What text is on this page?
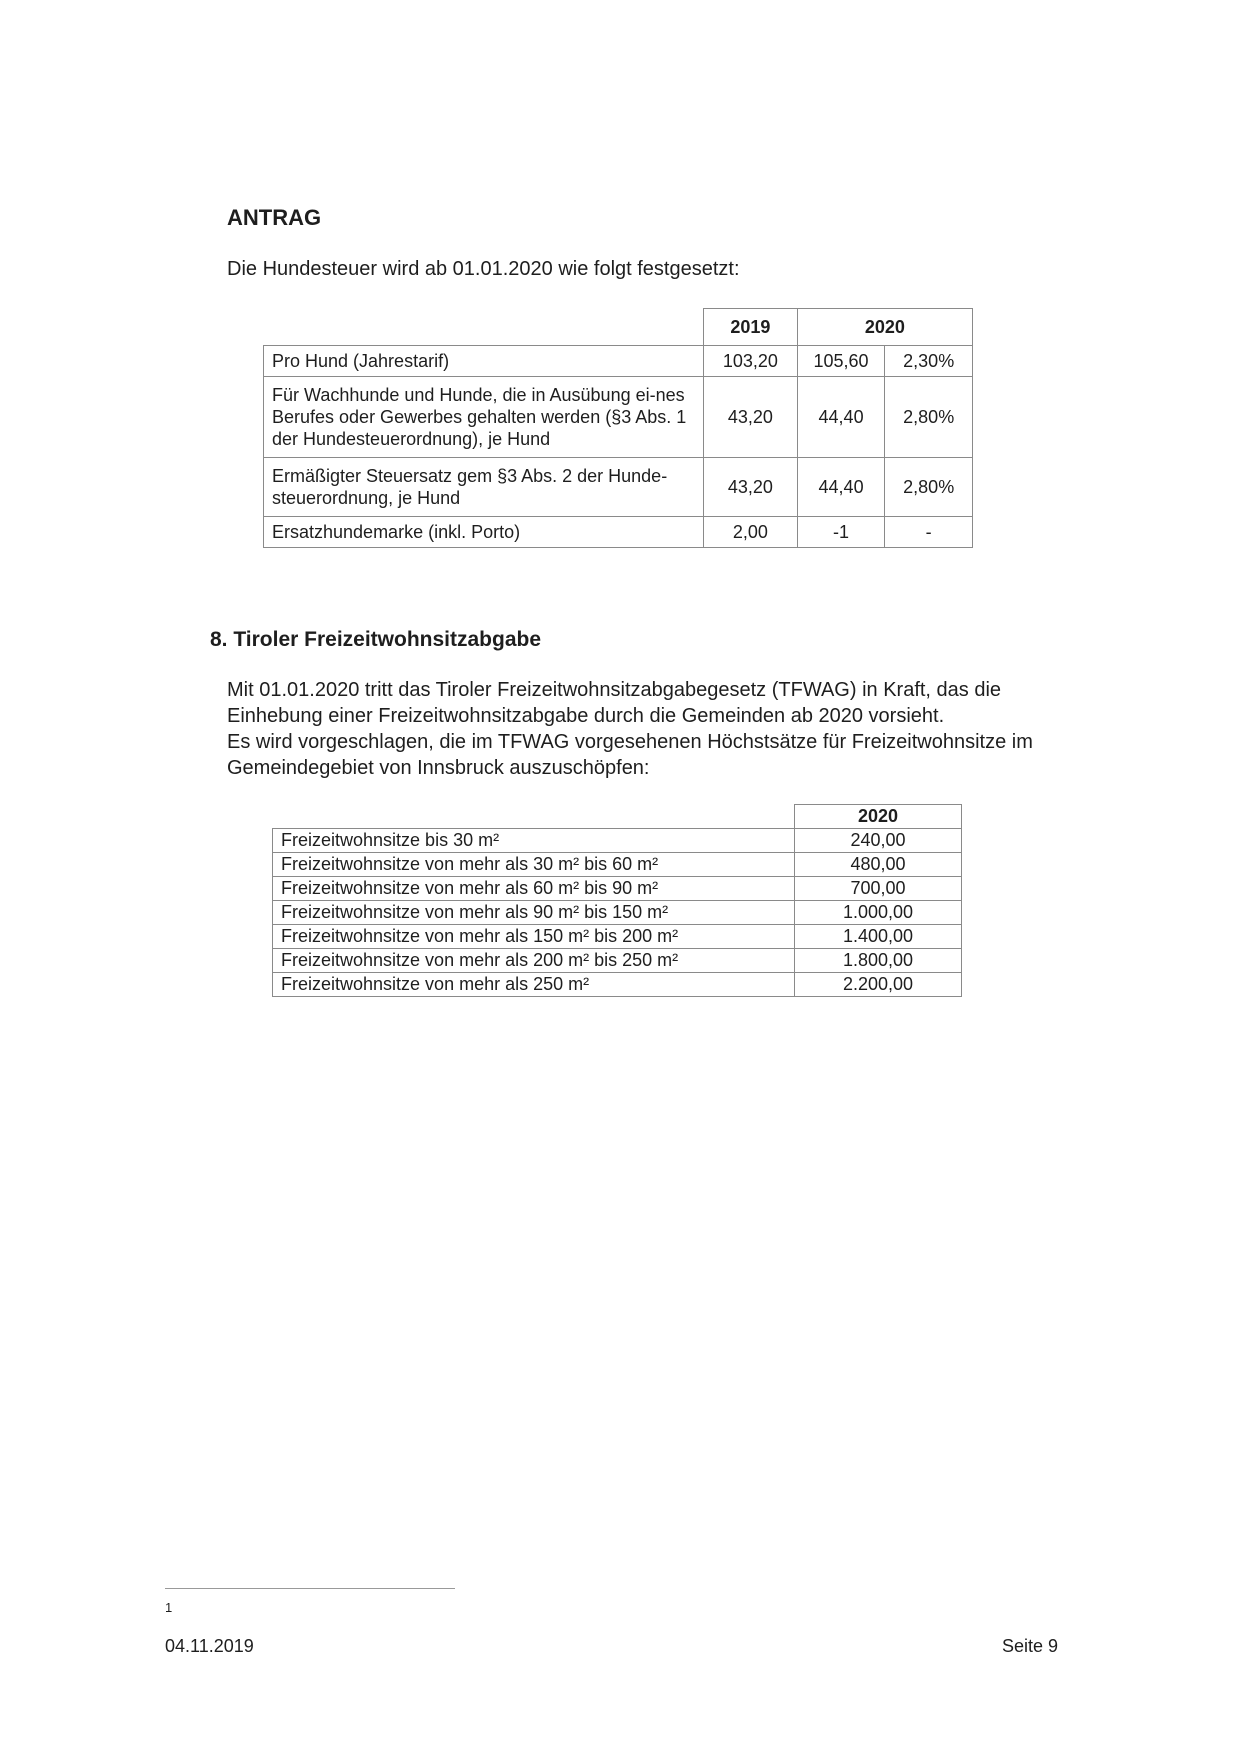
ANTRAG
Die Hundesteuer wird ab 01.01.2020 wie folgt festgesetzt:
	2019	2020	
Pro Hund (Jahrestarif)	103,20	105,60	2,30%
Für Wachhunde und Hunde, die in Ausübung ei-nes Berufes oder Gewerbes gehalten werden (§3 Abs. 1 der Hundesteuerordnung), je Hund	43,20	44,40	2,80%
Ermäßigter Steuersatz gem §3 Abs. 2 der Hunde-steuerordnung, je Hund	43,20	44,40	2,80%
Ersatzhundemarke (inkl. Porto)	2,00	-1	-
8. Tiroler Freizeitwohnsitzabgabe

Mit 01.01.2020 tritt das Tiroler Freizeitwohnsitzabgabegesetz (TFWAG) in Kraft, das die Einhebung einer Freizeitwohnsitzabgabe durch die Gemeinden ab 2020 vorsieht.

Es wird vorgeschlagen, die im TFWAG vorgesehenen Höchstsätze für Freizeitwohnsitze im Gemeindegebiet von Innsbruck auszuschöpfen:

	2020
Freizeitwohnsitze bis 30 m²	240,00
Freizeitwohnsitze von mehr als 30 m² bis 60 m²	480,00
Freizeitwohnsitze von mehr als 60 m² bis 90 m²	700,00
Freizeitwohnsitze von mehr als 90 m² bis 150 m²	1.000,00
Freizeitwohnsitze von mehr als 150 m² bis 200 m²	1.400,00
Freizeitwohnsitze von mehr als 200 m² bis 250 m²	1.800,00
Freizeitwohnsitze von mehr als 250 m²	2.200,00
1
04.11.2019	Seite 9
